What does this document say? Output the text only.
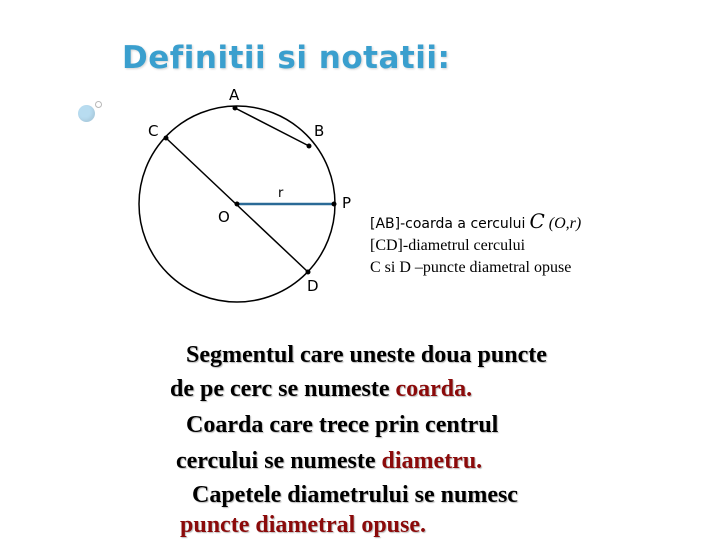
Definitii si notatii:
A
B
C
D
O
P
r
[AB]-coarda a cercului C (O,r)
[CD]-diametrul cercului
C si D –puncte diametral opuse
Segmentul care uneste doua puncte
de pe cerc se numeste coarda.
Coarda care trece prin centrul
cercului se numeste diametru.
Capetele diametrului se numesc
puncte diametral opuse.
